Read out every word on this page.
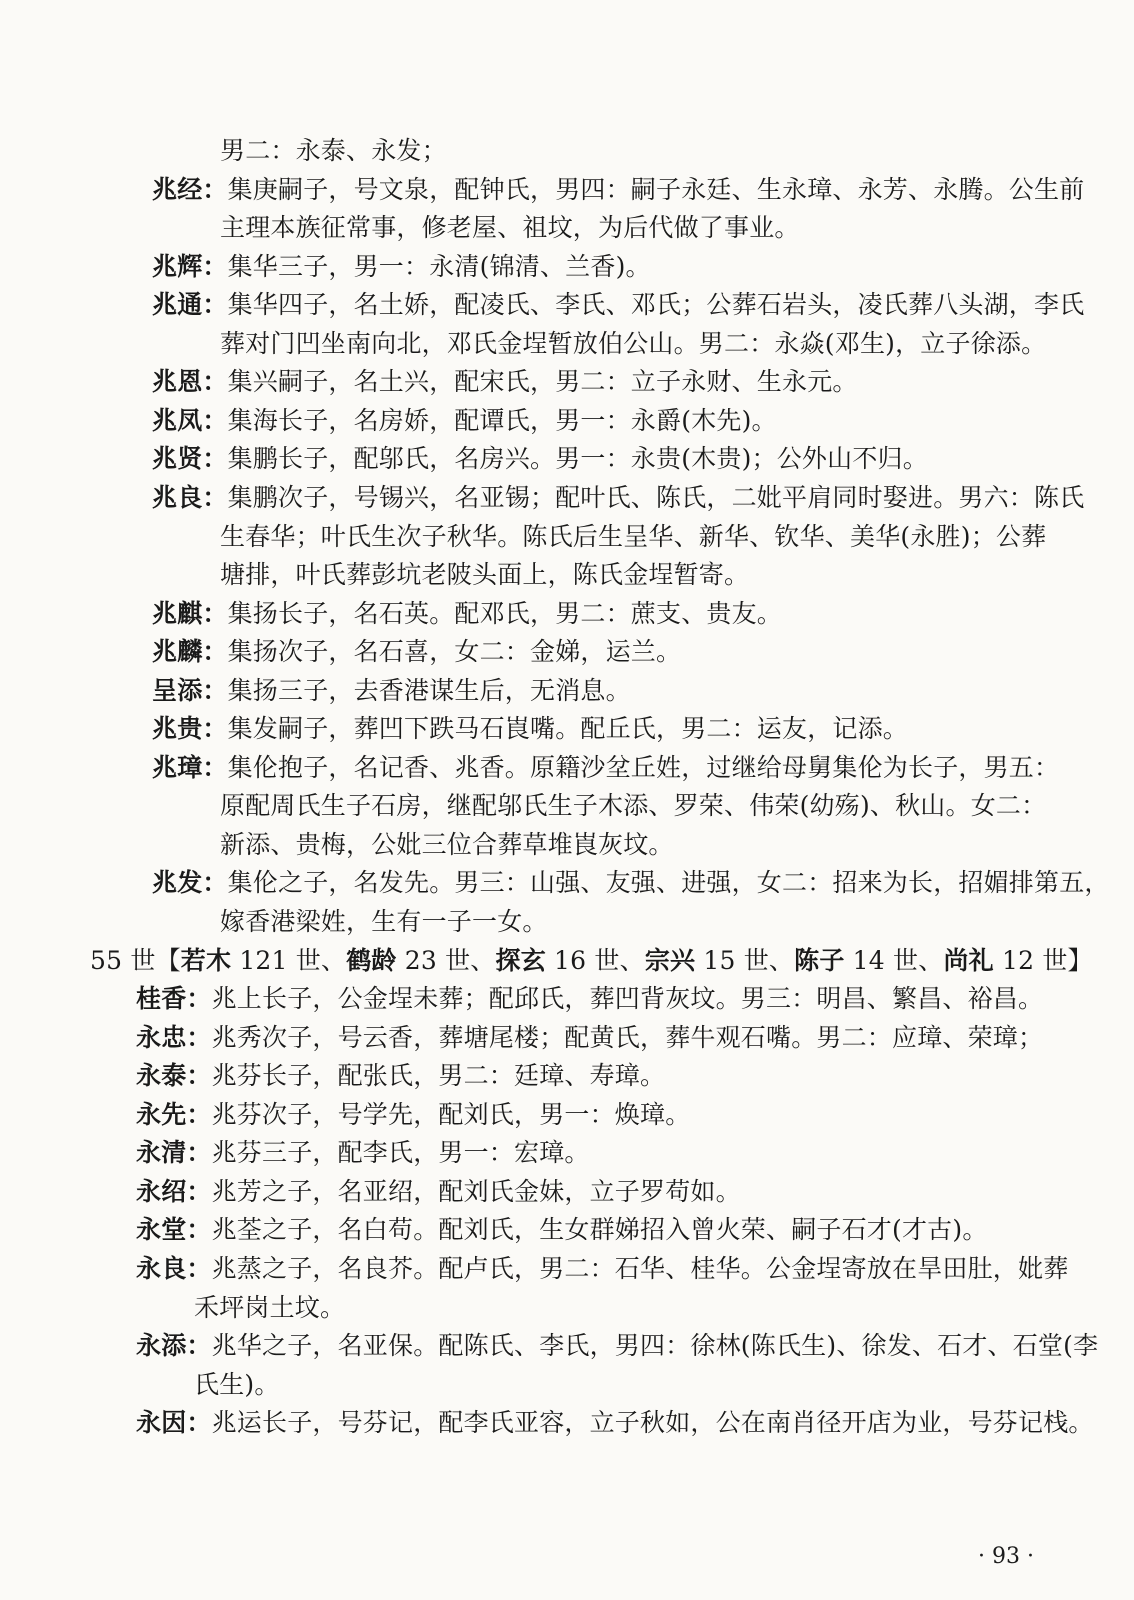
男二：永泰、永发；
兆经：集庚嗣子，号文泉，配钟氏，男四：嗣子永廷、生永璋、永芳、永腾。公生前
主理本族征常事，修老屋、祖坟，为后代做了事业。
兆辉：集华三子，男一：永清(锦清、兰香)。
兆通：集华四子，名土娇，配凌氏、李氏、邓氏；公葬石岩头，凌氏葬八头湖，李氏
葬对门凹坐南向北，邓氏金埕暂放伯公山。男二：永焱(邓生)，立子徐添。
兆恩：集兴嗣子，名土兴，配宋氏，男二：立子永财、生永元。
兆凤：集海长子，名房娇，配谭氏，男一：永爵(木先)。
兆贤：集鹏长子，配邬氏，名房兴。男一：永贵(木贵)；公外山不归。
兆良：集鹏次子，号锡兴，名亚锡；配叶氏、陈氏，二妣平肩同时娶进。男六：陈氏
生春华；叶氏生次子秋华。陈氏后生呈华、新华、钦华、美华(永胜)；公葬
塘排，叶氏葬彭坑老陂头面上，陈氏金埕暂寄。
兆麒：集扬长子，名石英。配邓氏，男二：蔗支、贵友。
兆麟：集扬次子，名石喜，女二：金娣，运兰。
呈添：集扬三子，去香港谋生后，无消息。
兆贵：集发嗣子，葬凹下跌马石崀嘴。配丘氏，男二：运友，记添。
兆璋：集伦抱子，名记香、兆香。原籍沙坌丘姓，过继给母舅集伦为长子，男五：
原配周氏生子石房，继配邬氏生子木添、罗荣、伟荣(幼殇)、秋山。女二：
新添、贵梅，公妣三位合葬草堆崀灰坟。
兆发：集伦之子，名发先。男三：山强、友强、进强，女二：招来为长，招媚排第五，
嫁香港梁姓，生有一子一女。
55 世【若木 121 世、鹤龄 23 世、探玄 16 世、宗兴 15 世、陈子 14 世、尚礼 12 世】
桂香：兆上长子，公金埕未葬；配邱氏，葬凹背灰坟。男三：明昌、繁昌、裕昌。
永忠：兆秀次子，号云香，葬塘尾楼；配黄氏，葬牛观石嘴。男二：应璋、荣璋；
永泰：兆芬长子，配张氏，男二：廷璋、寿璋。
永先：兆芬次子，号学先，配刘氏，男一：焕璋。
永清：兆芬三子，配李氏，男一：宏璋。
永绍：兆芳之子，名亚绍，配刘氏金妹，立子罗苟如。
永堂：兆荃之子，名白苟。配刘氏，生女群娣招入曾火荣、嗣子石才(才古)。
永良：兆蒸之子，名良芥。配卢氏，男二：石华、桂华。公金埕寄放在旱田肚，妣葬
禾坪岗土坟。
永添：兆华之子，名亚保。配陈氏、李氏，男四：徐林(陈氏生)、徐发、石才、石堂(李
氏生)。
永因：兆运长子，号芬记，配李氏亚容，立子秋如，公在南肖径开店为业，号芬记栈。
· 93 ·
